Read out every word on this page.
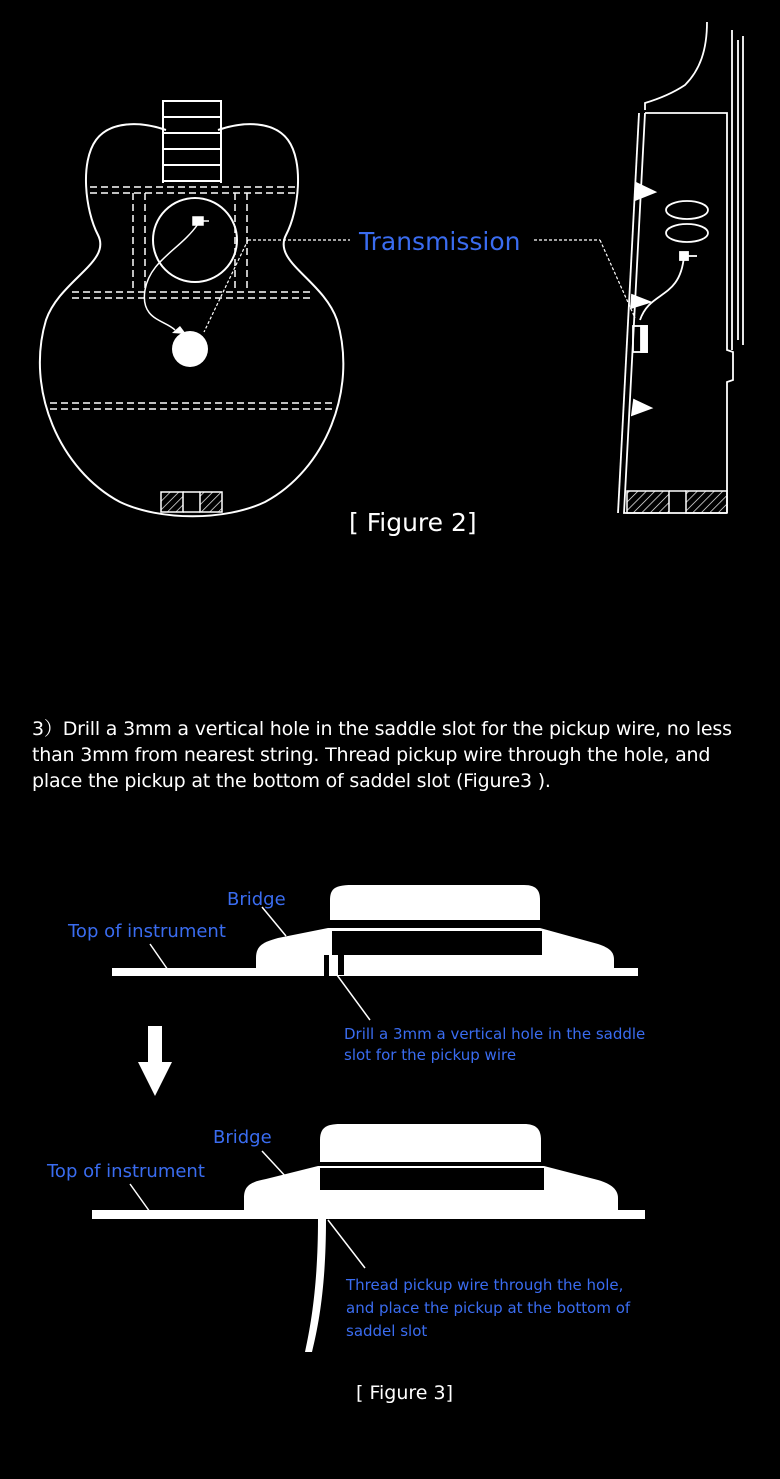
Transmission
[ Figure 2]
3）Drill a 3mm a vertical hole in the saddle slot for the pickup wire, no less than 3mm from nearest string. Thread pickup wire through the hole, and place the pickup at the bottom of saddel slot (Figure3 ).
Bridge
Top of instrument
Drill a 3mm a vertical hole in the saddle
slot for the pickup wire
Bridge
Top of instrument
Thread pickup wire through the hole,
and place the pickup at the bottom of
saddel slot
[ Figure 3]
